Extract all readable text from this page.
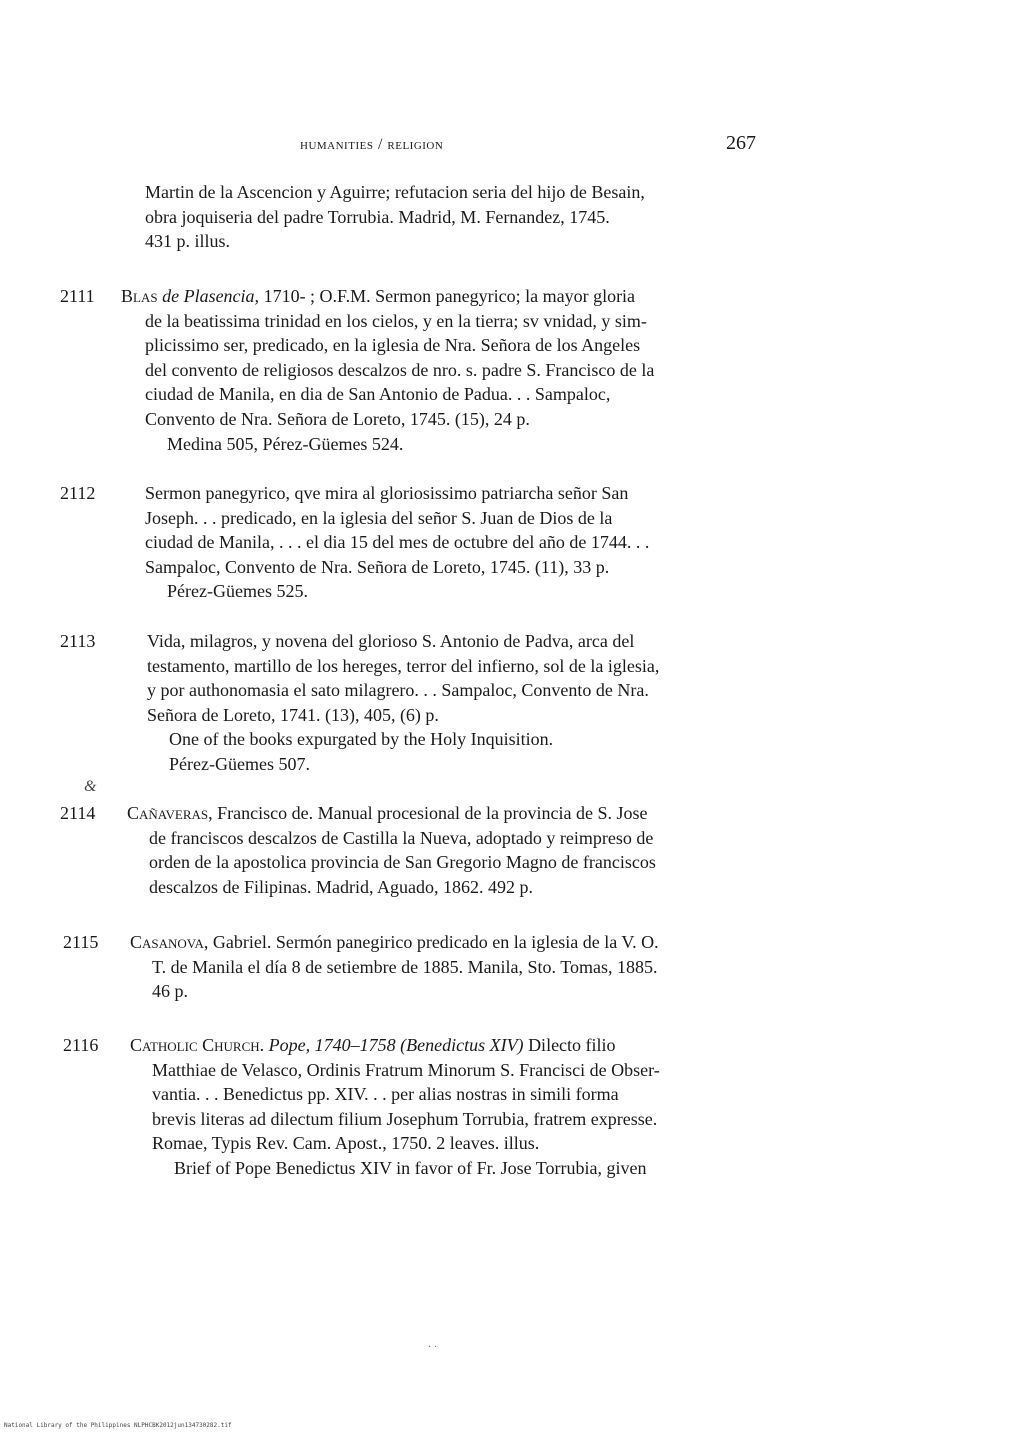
humanities / religion	267
Martin de la Ascencion y Aguirre; refutacion seria del hijo de Besain,
obra joquiseria del padre Torrubia. Madrid, M. Fernandez, 1745.
431 p. illus.
2111 Blas de Plasencia, 1710- ; O.F.M. Sermon panegyrico; la mayor gloria
de la beatissima trinidad en los cielos, y en la tierra; sv vnidad, y sim-
plicissimo ser, predicado, en la iglesia de Nra. Señora de los Angeles
del convento de religiosos descalzos de nro. s. padre S. Francisco de la
ciudad de Manila, en dia de San Antonio de Padua. . . Sampaloc,
Convento de Nra. Señora de Loreto, 1745. (15), 24 p.
Medina 505, Pérez-Güemes 524.
2112	Sermon panegyrico, qve mira al gloriosissimo patriarcha señor San
Joseph. . . predicado, en la iglesia del señor S. Juan de Dios de la
ciudad de Manila, . . . el dia 15 del mes de octubre del año de 1744. . .
Sampaloc, Convento de Nra. Señora de Loreto, 1745. (11), 33 p.
Pérez-Güemes 525.
2113	Vida, milagros, y novena del glorioso S. Antonio de Padva, arca del
testamento, martillo de los hereges, terror del infierno, sol de la iglesia,
y por authonomasia el sato milagrero. . . Sampaloc, Convento de Nra.
Señora de Loreto, 1741. (13), 405, (6) p.
One of the books expurgated by the Holy Inquisition.
Pérez-Güemes 507.
&
2114 Cañaveras, Francisco de. Manual procesional de la provincia de S. Jose
de franciscos descalzos de Castilla la Nueva, adoptado y reimpreso de
orden de la apostolica provincia de San Gregorio Magno de franciscos
descalzos de Filipinas. Madrid, Aguado, 1862. 492 p.
2115 Casanova, Gabriel. Sermón panegirico predicado en la iglesia de la V. O.
T. de Manila el día 8 de setiembre de 1885. Manila, Sto. Tomas, 1885.
46 p.
2116 Catholic Church. Pope, 1740–1758 (Benedictus XIV) Dilecto filio
Matthiae de Velasco, Ordinis Fratrum Minorum S. Francisci de Obser-
vantia. . . Benedictus pp. XIV. . . per alias nostras in simili forma
brevis literas ad dilectum filium Josephum Torrubia, fratrem expresse.
Romae, Typis Rev. Cam. Apost., 1750. 2 leaves. illus.
Brief of Pope Benedictus XIV in favor of Fr. Jose Torrubia, given
· ·
National Library of the Philippines NLPHCBK2012jun134730282.tif
